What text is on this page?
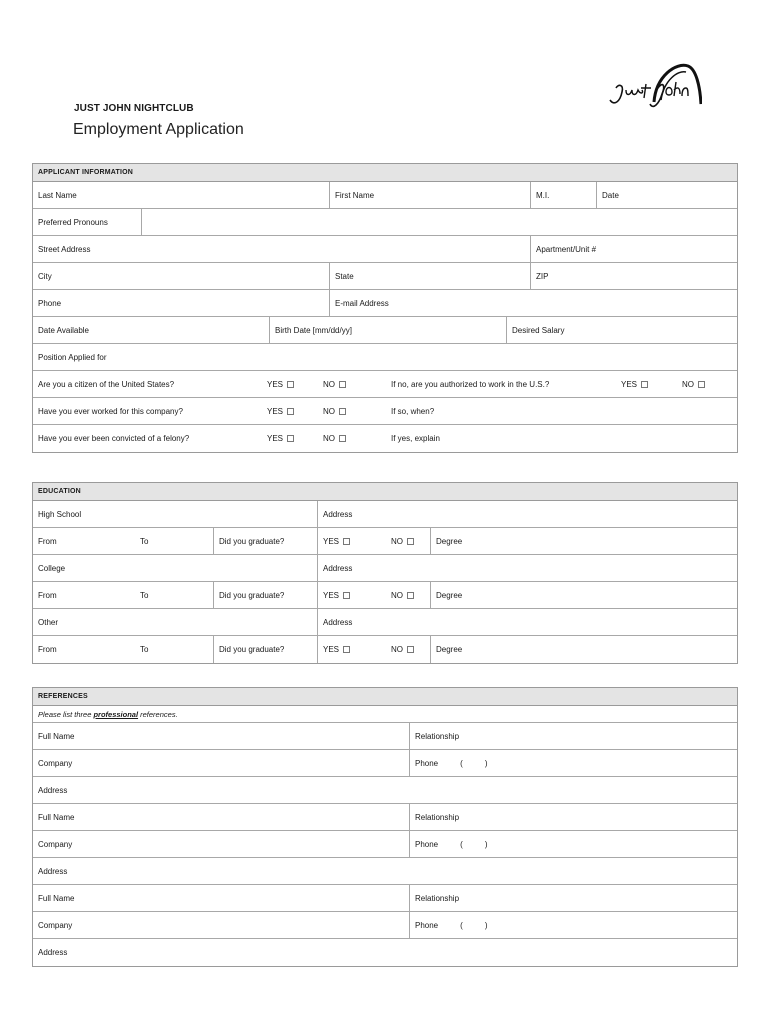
JUST JOHN NIGHTCLUB
Employment Application
APPLICANT INFORMATION
Last Name	First Name	M.I.	Date
Preferred Pronouns
Street Address	Apartment/Unit #
City	State	ZIP
Phone	E-mail Address
Date Available	Birth Date [mm/dd/yy]	Desired Salary
Position Applied for
Are you a citizen of the United States?	YES	NO	If no, are you authorized to work in the U.S.?	YES	NO
Have you ever worked for this company?	YES	NO	If so, when?
Have you ever been convicted of a felony?	YES	NO	If yes, explain
EDUCATION
High School	Address
From	To	Did you graduate?	YES	NO	Degree
College	Address
From	To	Did you graduate?	YES	NO	Degree
Other	Address
From	To	Did you graduate?	YES	NO	Degree
REFERENCES
Please list three professional references.
Full Name	Relationship
Company	Phone	(	)
Address
Full Name	Relationship
Company	Phone	(	)
Address
Full Name	Relationship
Company	Phone	(	)
Address
